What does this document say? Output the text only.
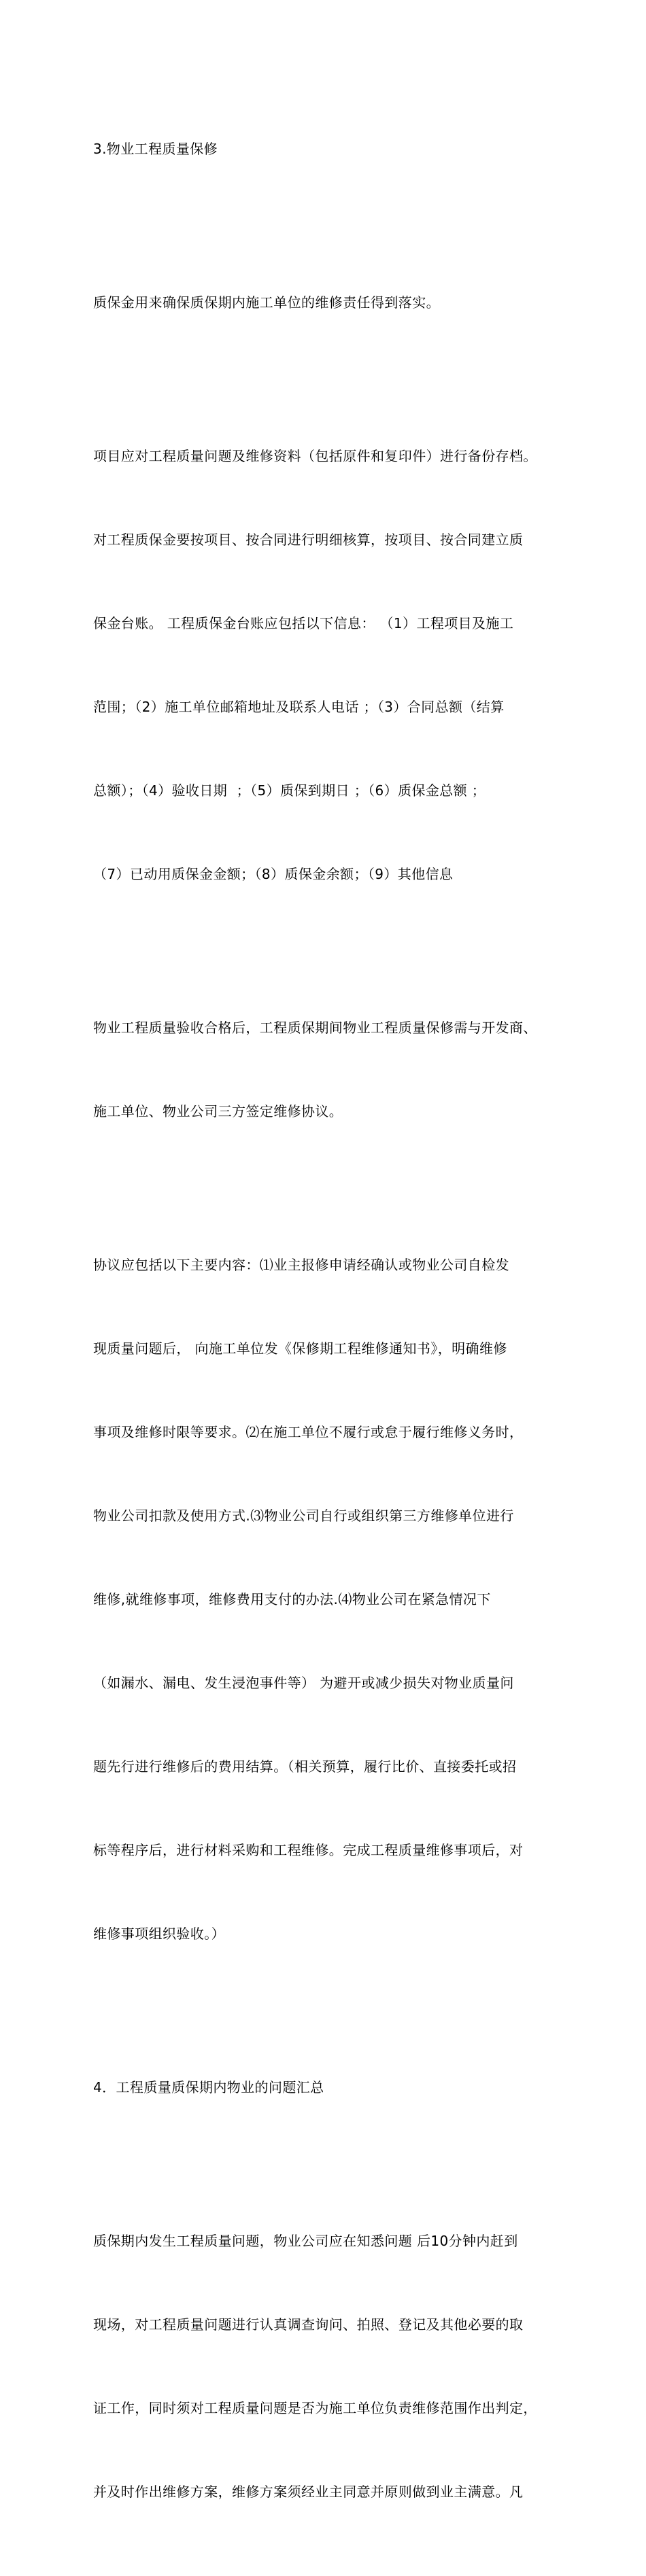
3.物业工程质量保修

质保金用来确保质保期内施工单位的维修责任得到落实。

项目应对工程质量问题及维修资料（包括原件和复印件）进行备份存档。

对工程质保金要按项目、按合同进行明细核算，按项目、按合同建立质

保金台账。 工程质保金台账应包括以下信息： （1）工程项目及施工

范围；（2）施工单位邮箱地址及联系人电话 ；（3）合同总额（结算

总额）；（4）验收日期  ；（5）质保到期日 ；（6）质保金总额 ；

（7）已动用质保金金额；（8）质保金余额；（9）其他信息

物业工程质量验收合格后，工程质保期间物业工程质量保修需与开发商、

施工单位、物业公司三方签定维修协议。

协议应包括以下主要内容：⑴业主报修申请经确认或物业公司自检发

现质量问题后， 向施工单位发《保修期工程维修通知书》，明确维修

事项及维修时限等要求。⑵在施工单位不履行或怠于履行维修义务时，

物业公司扣款及使用方式.⑶物业公司自行或组织第三方维修单位进行

维修,就维修事项，维修费用支付的办法.⑷物业公司在紧急情况下

（如漏水、漏电、发生浸泡事件等） 为避开或减少损失对物业质量问

题先行进行维修后的费用结算。（相关预算，履行比价、直接委托或招

标等程序后，进行材料采购和工程维修。完成工程质量维修事项后，对

维修事项组织验收。）

4．工程质量质保期内物业的问题汇总

质保期内发生工程质量问题，物业公司应在知悉问题 后10分钟内赶到

现场，对工程质量问题进行认真调查询问、拍照、登记及其他必要的取

证工作，同时须对工程质量问题是否为施工单位负责维修范围作出判定，

并及时作出维修方案，维修方案须经业主同意并原则做到业主满意。凡
